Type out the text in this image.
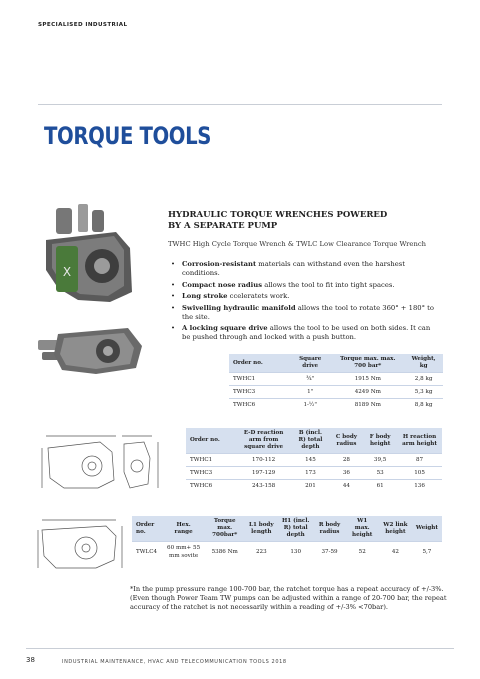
SPECIALISED INDUSTRIAL
TORQUE TOOLS
X
HYDRAULIC TORQUE WRENCHES POWERED
BY A SEPARATE PUMP
TWHC High Cycle Torque Wrench & TWLC Low Clearance Torque Wrench
• Corrosion-resistant materials can withstand even the harshest conditions.
• Compact nose radius allows the tool to fit into tight spaces.
• Long stroke cceleratets work.
• Swivelling hydraulic manifold allows the tool to rotate 360° + 180° to the site.
• A locking square drive allows the tool to be used on both sides. It can be pushed through and locked with a push button.
Order no.	Square drive	Torque max. max. 700 bar*	Weight, kg
TWHC1	¾"	1915 Nm	2,8 kg
TWHC3	1"	4249 Nm	5,3 kg
TWHC6	1-½"	8189 Nm	8,8 kg
Order no.	E-D reaction arm from square drive	B (incl. R) total depth	C body radius	F body height	H reaction arm height
TWHC1	170-112	145	28	39,5	87
TWHC3	197-129	173	36	53	105
TWHC6	243-158	201	44	61	136
Order no.	Hex. range	Torque max. 700bar*	L1 body length	H1 (incl. R) total depth	R body radius	W1 max. height	W2 link height	Weight
TWLC4	60 mm+ 55 mm sovite	5386 Nm	223	130	37-59	52	42	5,7
*In the pump pressure range 100-700 bar, the ratchet torque has a repeat accuracy of +/-3%. (Even though Power Team TW pumps can be adjusted within a range of 20-700 bar, the repeat accuracy of the ratchet is not necessarily within a reading of +/-3% <70bar).
38	INDUSTRIAL MAINTENANCE, HVAC AND TELECOMMUNICATION TOOLS 2018
